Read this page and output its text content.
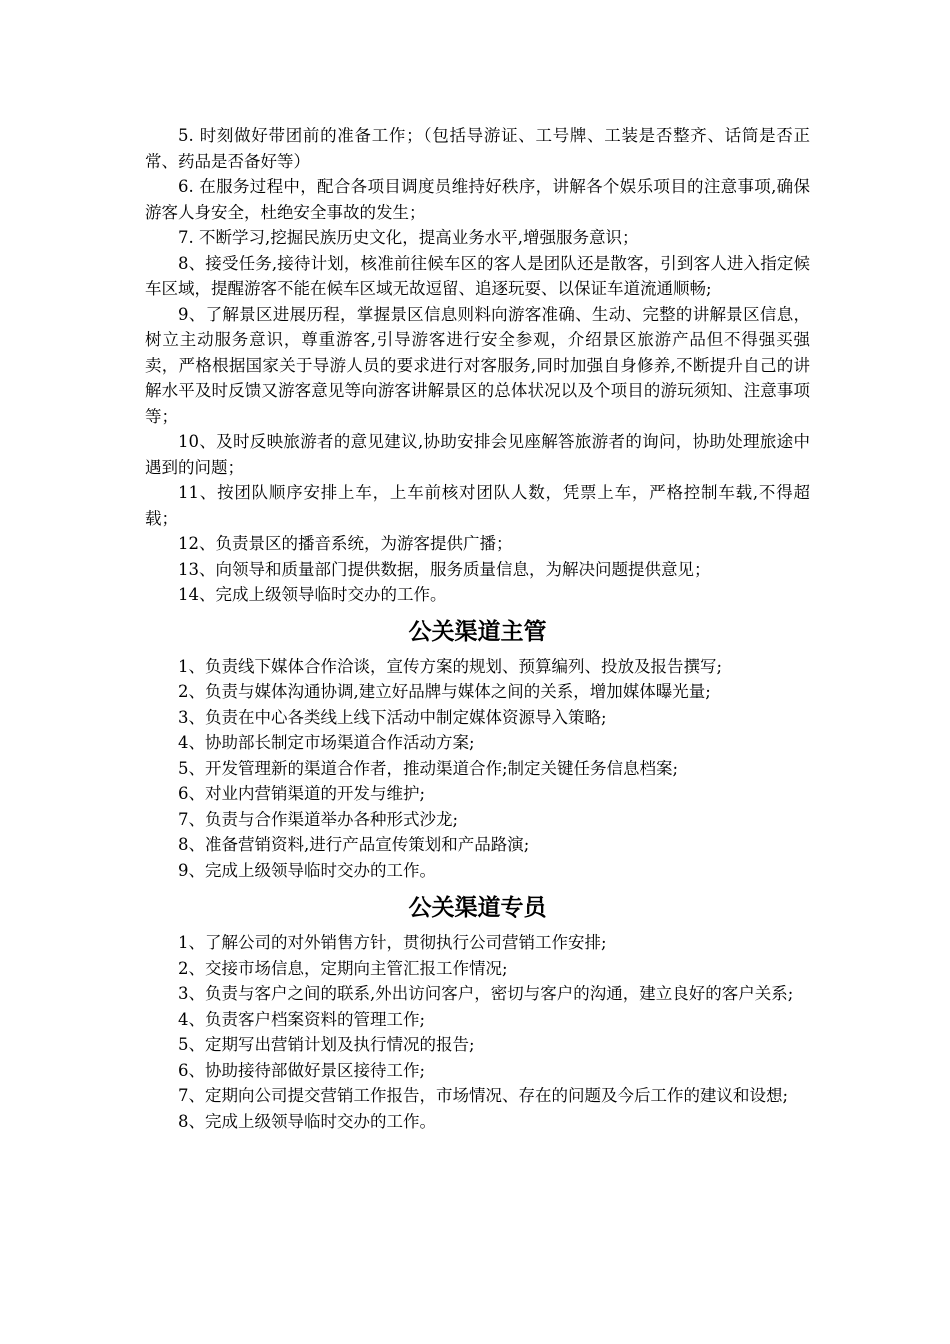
5. 时刻做好带团前的准备工作；（包括导游证、工号牌、工装是否整齐、话筒是否正常、药品是否备好等）

6. 在服务过程中，配合各项目调度员维持好秩序，讲解各个娱乐项目的注意事项,确保游客人身安全，杜绝安全事故的发生；

7. 不断学习,挖掘民族历史文化，提高业务水平,增强服务意识；

8、接受任务,接待计划，核准前往候车区的客人是团队还是散客，引到客人进入指定候车区域，提醒游客不能在候车区域无故逗留、追逐玩耍、以保证车道流通顺畅;

9、了解景区进展历程，掌握景区信息则料向游客准确、生动、完整的讲解景区信息，树立主动服务意识，尊重游客,引导游客进行安全参观，介绍景区旅游产品但不得强买强卖，严格根据国家关于导游人员的要求进行对客服务,同时加强自身修养,不断提升自己的讲解水平及时反馈又游客意见等向游客讲解景区的总体状况以及个项目的游玩须知、注意事项等；

10、及时反映旅游者的意见建议,协助安排会见座解答旅游者的询问，协助处理旅途中遇到的问题；

11、按团队顺序安排上车，上车前核对团队人数，凭票上车，严格控制车载,不得超载；

12、负责景区的播音系统，为游客提供广播；

13、向领导和质量部门提供数据，服务质量信息，为解决问题提供意见；

14、完成上级领导临时交办的工作。

公关渠道主管

1、负责线下媒体合作洽谈，宣传方案的规划、预算编列、投放及报告撰写;

2、负责与媒体沟通协调,建立好品牌与媒体之间的关系，增加媒体曝光量;

3、负责在中心各类线上线下活动中制定媒体资源导入策略;

4、协助部长制定市场渠道合作活动方案;

5、开发管理新的渠道合作者，推动渠道合作;制定关键任务信息档案;

6、对业内营销渠道的开发与维护;

7、负责与合作渠道举办各种形式沙龙;

8、准备营销资料,进行产品宣传策划和产品路演;

9、完成上级领导临时交办的工作。

公关渠道专员

1、了解公司的对外销售方针，贯彻执行公司营销工作安排;

2、交接市场信息，定期向主管汇报工作情况;

3、负责与客户之间的联系,外出访问客户，密切与客户的沟通，建立良好的客户关系;

4、负责客户档案资料的管理工作;

5、定期写出营销计划及执行情况的报告;

6、协助接待部做好景区接待工作;

7、定期向公司提交营销工作报告，市场情况、存在的问题及今后工作的建议和设想;

8、完成上级领导临时交办的工作。
